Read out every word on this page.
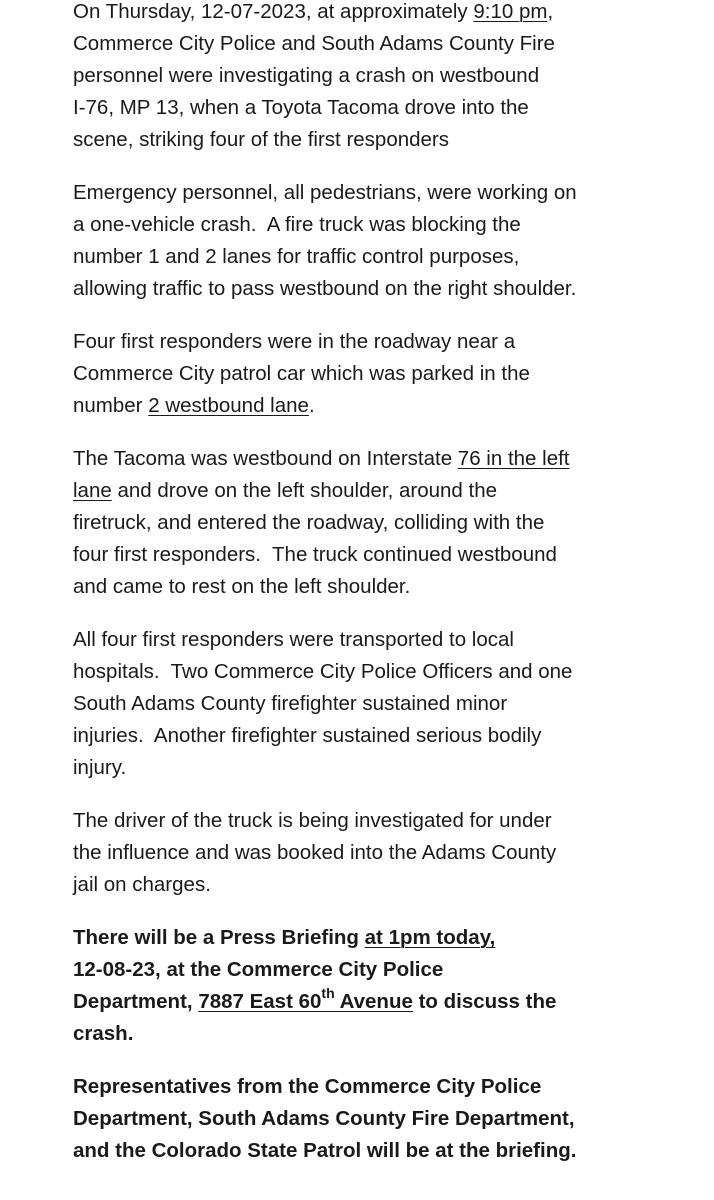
On Thursday, 12-07-2023, at approximately 9:10 pm,
Commerce City Police and South Adams County Fire
personnel were investigating a crash on westbound
I-76, MP 13, when a Toyota Tacoma drove into the
scene, striking four of the first responders

Emergency personnel, all pedestrians, were working on
a one-vehicle crash.  A fire truck was blocking the
number 1 and 2 lanes for traffic control purposes,
allowing traffic to pass westbound on the right shoulder.

Four first responders were in the roadway near a
Commerce City patrol car which was parked in the
number 2 westbound lane.

The Tacoma was westbound on Interstate 76 in the left
lane and drove on the left shoulder, around the
firetruck, and entered the roadway, colliding with the
four first responders.  The truck continued westbound
and came to rest on the left shoulder.

All four first responders were transported to local
hospitals.  Two Commerce City Police Officers and one
South Adams County firefighter sustained minor
injuries.  Another firefighter sustained serious bodily
injury.

The driver of the truck is being investigated for under
the influence and was booked into the Adams County
jail on charges.

There will be a Press Briefing at 1pm today,
12-08-23, at the Commerce City Police
Department, 7887 East 60th Avenue to discuss the
crash.

Representatives from the Commerce City Police
Department, South Adams County Fire Department,
and the Colorado State Patrol will be at the briefing.
